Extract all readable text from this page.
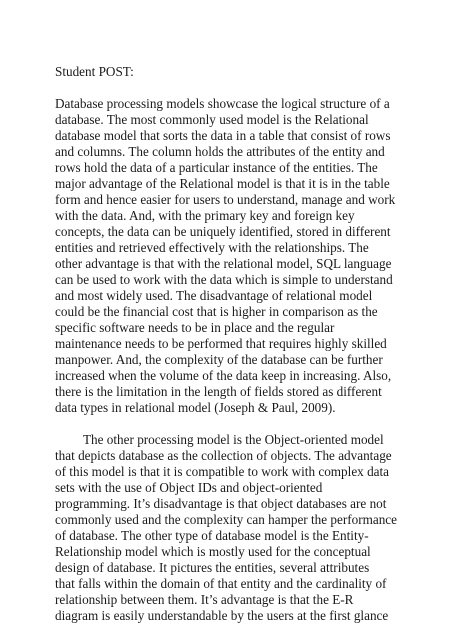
Student POST:

Database processing models showcase the logical structure of a

database. The most commonly used model is the Relational

database model that sorts the data in a table that consist of rows

and columns. The column holds the attributes of the entity and

rows hold the data of a particular instance of the entities. The

major advantage of the Relational model is that it is in the table

form and hence easier for users to understand, manage and work

with the data. And, with the primary key and foreign key

concepts, the data can be uniquely identified, stored in different

entities and retrieved effectively with the relationships. The

other advantage is that with the relational model, SQL language

can be used to work with the data which is simple to understand

and most widely used. The disadvantage of relational model

could be the financial cost that is higher in comparison as the

specific software needs to be in place and the regular

maintenance needs to be performed that requires highly skilled

manpower. And, the complexity of the database can be further

increased when the volume of the data keep in increasing. Also,

there is the limitation in the length of fields stored as different

data types in relational model (Joseph & Paul, 2009).

The other processing model is the Object-oriented model

that depicts database as the collection of objects. The advantage

of this model is that it is compatible to work with complex data

sets with the use of Object IDs and object-oriented

programming. It’s disadvantage is that object databases are not

commonly used and the complexity can hamper the performance

of database. The other type of database model is the Entity-

Relationship model which is mostly used for the conceptual

design of database. It pictures the entities, several attributes

that falls within the domain of that entity and the cardinality of

relationship between them. It’s advantage is that the E-R

diagram is easily understandable by the users at the first glance
